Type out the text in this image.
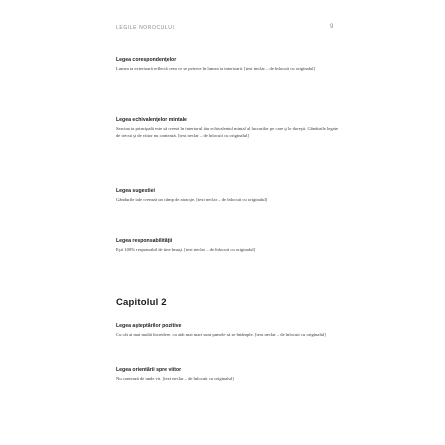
LEGILE NOROCULUI	9
Legea corespondenţelor

Lumea ta exterioară reflectă ceea ce se petrece în lumea ta interioară. [text neclar – de înlocuit cu originalul]

Legea echivalenţelor mintale

Sarcina ta principală este să creezi în interiorul tău echivalentul mintal al lucrurilor pe care ţi le doreşti. Gândurile legate de trecut şi de viitor nu contează. [text neclar – de înlocuit cu originalul]

Legea sugestiei

Gândurile tale creează un câmp de atracţie. [text neclar – de înlocuit cu originalul]

Legea responsabilităţii

Eşti 100% responsabil de tine însuţi. [text neclar – de înlocuit cu originalul]

Capitolul 2
Legea aşteptărilor pozitive

Cu cât ai mai multă încredere, cu atât mai mari sunt şansele să se întâmple. [text neclar – de înlocuit cu originalul]

Legea orientării spre viitor

Nu contează de unde vii. [text neclar – de înlocuit cu originalul]
